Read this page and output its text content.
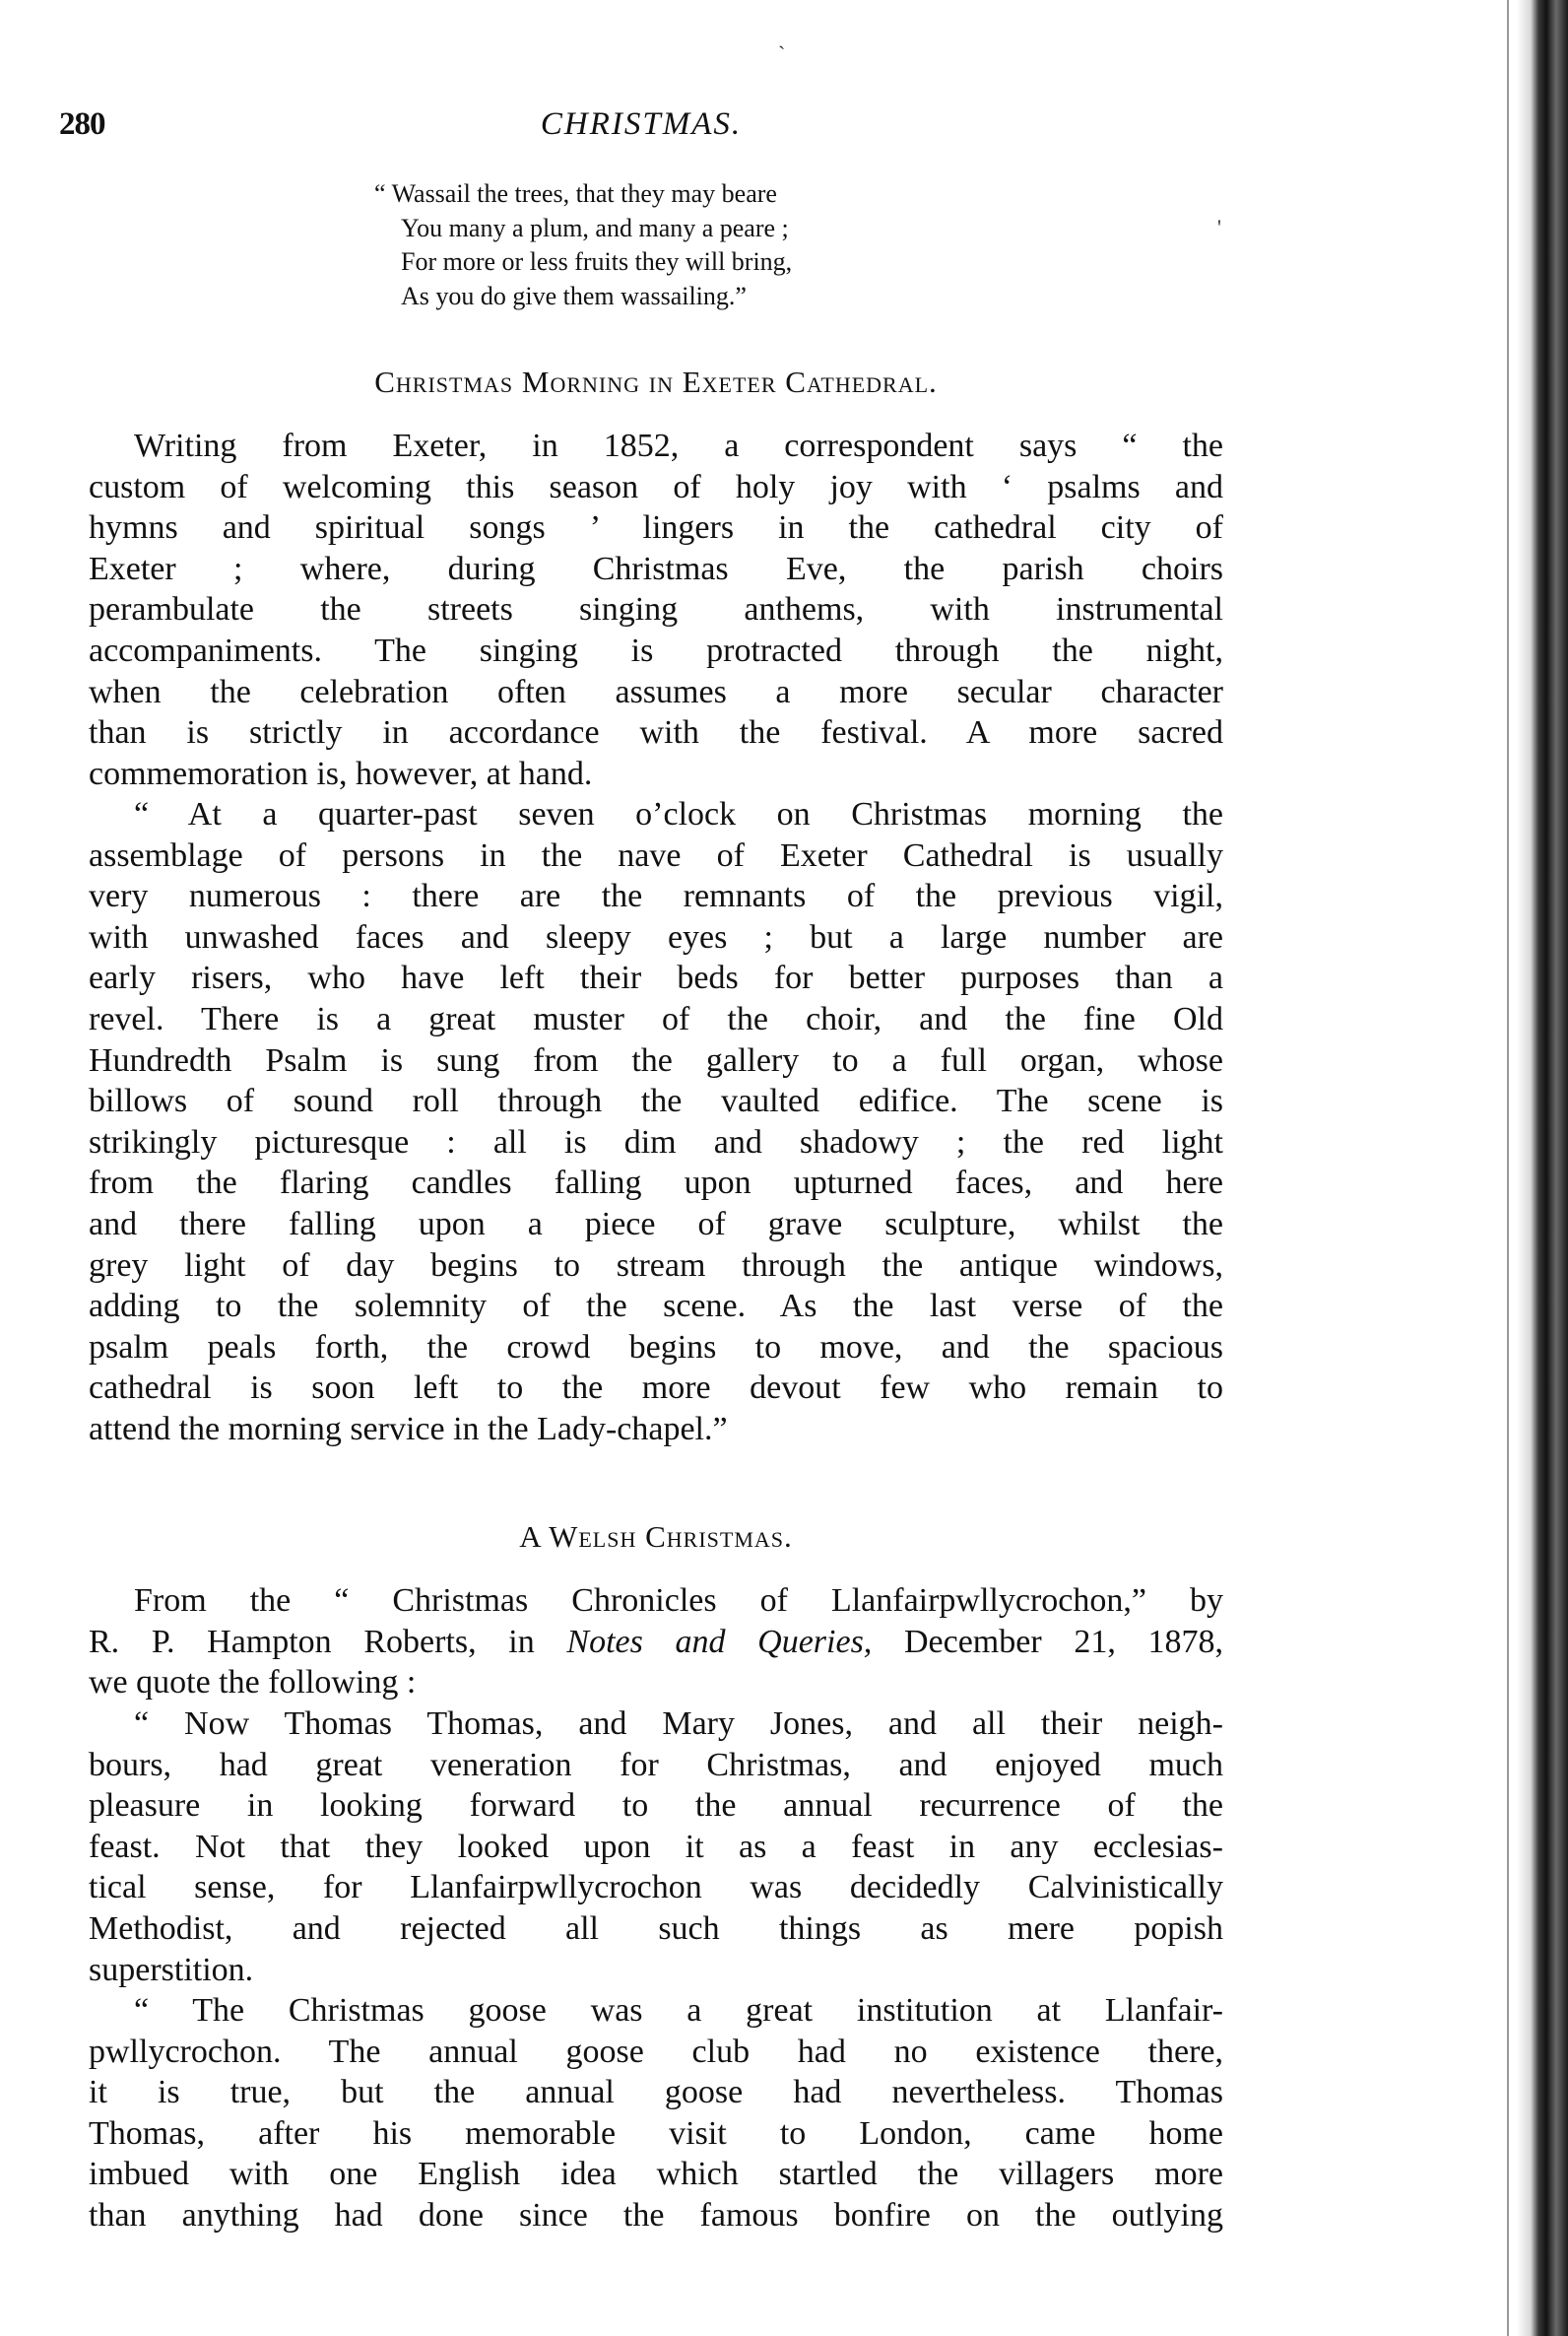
280	CHRISTMAS.
“ Wassail the trees, that they may beare
You many a plum, and many a peare ;
For more or less fruits they will bring,
As you do give them wassailing.”
'
`
Christmas Morning in Exeter Cathedral.
Writing from Exeter, in 1852, a correspondent says “ the
custom of welcoming this season of holy joy with ‘ psalms and
hymns and spiritual songs ’ lingers in the cathedral city of
Exeter ; where, during Christmas Eve, the parish choirs
perambulate the streets singing anthems, with instrumental
accompaniments. The singing is protracted through the night,
when the celebration often assumes a more secular character
than is strictly in accordance with the festival. A more sacred
commemoration is, however, at hand.
“ At a quarter-past seven o’clock on Christmas morning the
assemblage of persons in the nave of Exeter Cathedral is usually
very numerous : there are the remnants of the previous vigil,
with unwashed faces and sleepy eyes ; but a large number are
early risers, who have left their beds for better purposes than a
revel. There is a great muster of the choir, and the fine Old
Hundredth Psalm is sung from the gallery to a full organ, whose
billows of sound roll through the vaulted edifice. The scene is
strikingly picturesque : all is dim and shadowy ; the red light
from the flaring candles falling upon upturned faces, and here
and there falling upon a piece of grave sculpture, whilst the
grey light of day begins to stream through the antique windows,
adding to the solemnity of the scene. As the last verse of the
psalm peals forth, the crowd begins to move, and the spacious
cathedral is soon left to the more devout few who remain to
attend the morning service in the Lady-chapel.”
A Welsh Christmas.
From the “ Christmas Chronicles of Llanfairpwllycrochon,” by
R. P. Hampton Roberts, in Notes and Queries, December 21, 1878,
we quote the following :
“ Now Thomas Thomas, and Mary Jones, and all their neigh-
bours, had great veneration for Christmas, and enjoyed much
pleasure in looking forward to the annual recurrence of the
feast. Not that they looked upon it as a feast in any ecclesias-
tical sense, for Llanfairpwllycrochon was decidedly Calvinistically
Methodist, and rejected all such things as mere popish
superstition.
“ The Christmas goose was a great institution at Llanfair-
pwllycrochon. The annual goose club had no existence there,
it is true, but the annual goose had nevertheless. Thomas
Thomas, after his memorable visit to London, came home
imbued with one English idea which startled the villagers more
than anything had done since the famous bonfire on the outlying
